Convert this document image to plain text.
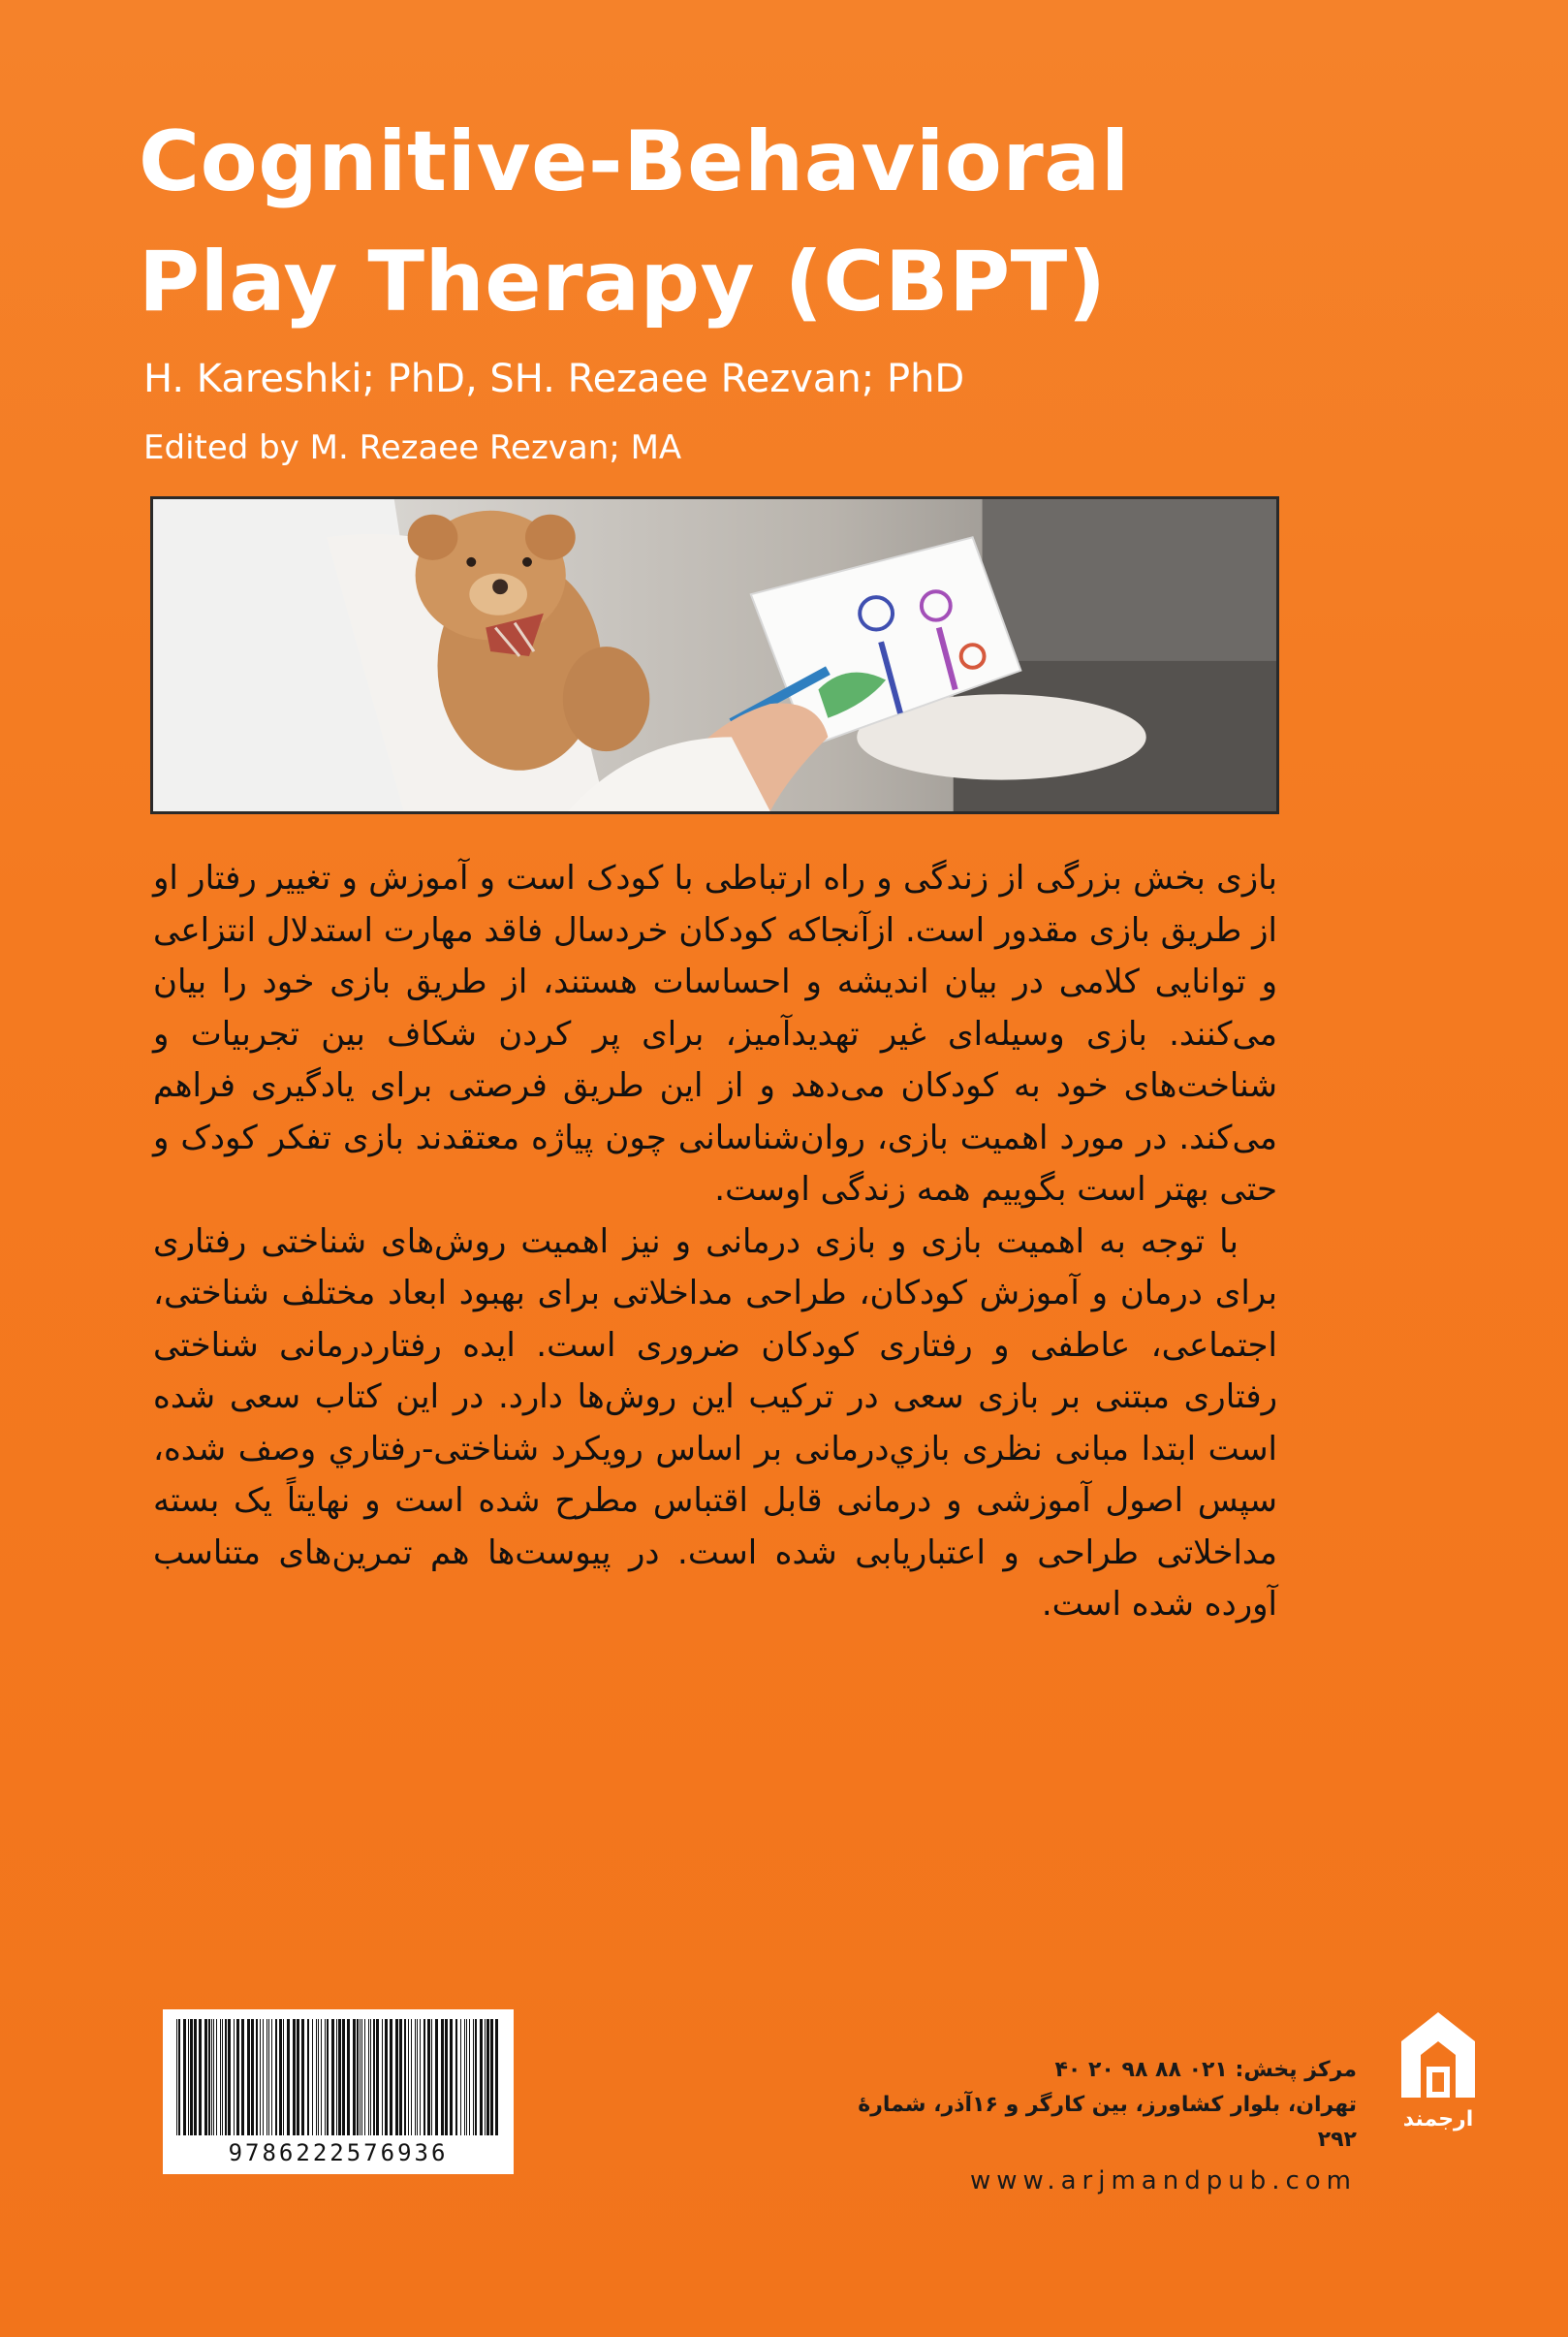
Cognitive-Behavioral
Play Therapy (CBPT)
H. Kareshki; PhD, SH. Rezaee Rezvan; PhD
Edited by M. Rezaee Rezvan; MA

بازی بخش بزرگی از زندگی و راه ارتباطی با کودک است و آموزش و تغییر رفتار او از طریق بازی مقدور است. ازآنجاکه کودکان خردسال فاقد مهارت استدلال انتزاعی و توانایی کلامی در بیان اندیشه و احساسات هستند، از طریق بازی خود را بیان می‌کنند. بازی وسیله‌ای غیر تهدیدآمیز، برای پر کردن شکاف بین تجربیات و شناخت‌های خود به کودکان می‌دهد و از این طریق فرصتی برای یادگیری فراهم می‌کند. در مورد اهمیت بازی، روان‌شناسانی چون پیاژه معتقدند بازی تفکر کودک و حتی بهتر است بگوییم همه زندگی اوست.

با توجه به اهمیت بازی و بازی درمانی و نیز اهمیت روش‌های شناختی رفتاری برای درمان و آموزش کودکان، طراحی مداخلاتی برای بهبود ابعاد مختلف شناختی، اجتماعی، عاطفی و رفتاری کودکان ضروری است. ایده رفتاردرمانی شناختی رفتاری مبتنی بر بازی سعی در ترکیب این روش‌ها دارد. در این کتاب سعی شده است ابتدا مبانی نظری بازي‌درمانی بر اساس رویکرد شناختی-رفتاري وصف شده، سپس اصول آموزشی و درمانی قابل اقتباس مطرح شده است و نهایتاً یک بسته مداخلاتی طراحی و اعتباریابی شده است. در پیوست‌ها هم تمرین‌های متناسب آورده شده است.

9786222576936
مرکز پخش: ۰۲۱ ۸۸ ۹۸ ۲۰ ۴۰
تهران، بلوار کشاورز، بین کارگر و ۱۶آذر، شمارهٔ ۲۹۲
www.arjmandpub.com
ارجمند
